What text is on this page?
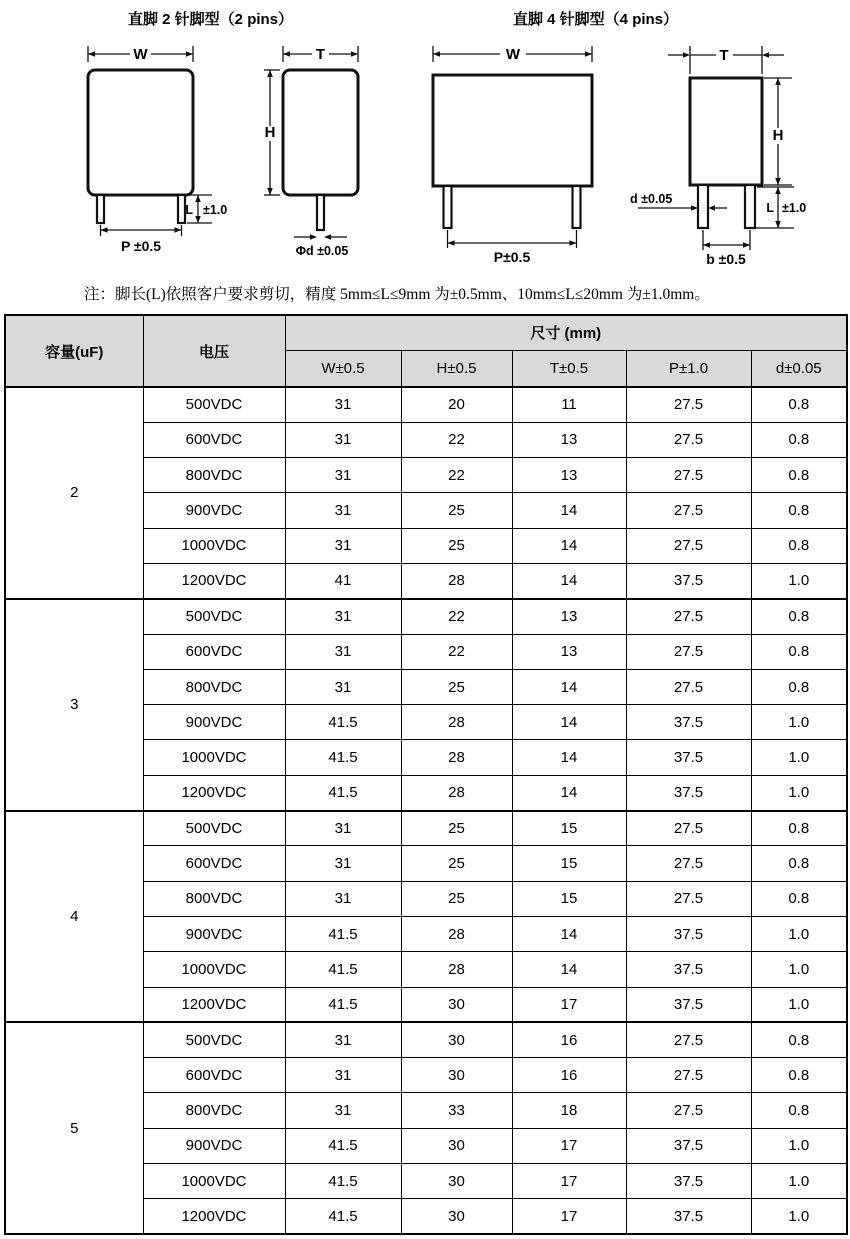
直脚 2 针脚型（2 pins）	直脚 4 针脚型（4 pins）
W
L ±1.0
P ±0.5
T
H
Φd ±0.05
W
P±0.5
T
H
d ±0.05
L ±1.0
b ±0.5
注：脚长(L)依照客户要求剪切，精度 5mm≤L≤9mm 为±0.5mm、10mm≤L≤20mm 为±1.0mm。
容量(uF)	电压	尺寸 (mm)				
		W±0.5	H±0.5	T±0.5	P±1.0	d±0.05
2	500VDC	31	20	11	27.5	0.8
	600VDC	31	22	13	27.5	0.8
	800VDC	31	22	13	27.5	0.8
	900VDC	31	25	14	27.5	0.8
	1000VDC	31	25	14	27.5	0.8
	1200VDC	41	28	14	37.5	1.0
3	500VDC	31	22	13	27.5	0.8
	600VDC	31	22	13	27.5	0.8
	800VDC	31	25	14	27.5	0.8
	900VDC	41.5	28	14	37.5	1.0
	1000VDC	41.5	28	14	37.5	1.0
	1200VDC	41.5	28	14	37.5	1.0
4	500VDC	31	25	15	27.5	0.8
	600VDC	31	25	15	27.5	0.8
	800VDC	31	25	15	27.5	0.8
	900VDC	41.5	28	14	37.5	1.0
	1000VDC	41.5	28	14	37.5	1.0
	1200VDC	41.5	30	17	37.5	1.0
5	500VDC	31	30	16	27.5	0.8
	600VDC	31	30	16	27.5	0.8
	800VDC	31	33	18	27.5	0.8
	900VDC	41.5	30	17	37.5	1.0
	1000VDC	41.5	30	17	37.5	1.0
	1200VDC	41.5	30	17	37.5	1.0
